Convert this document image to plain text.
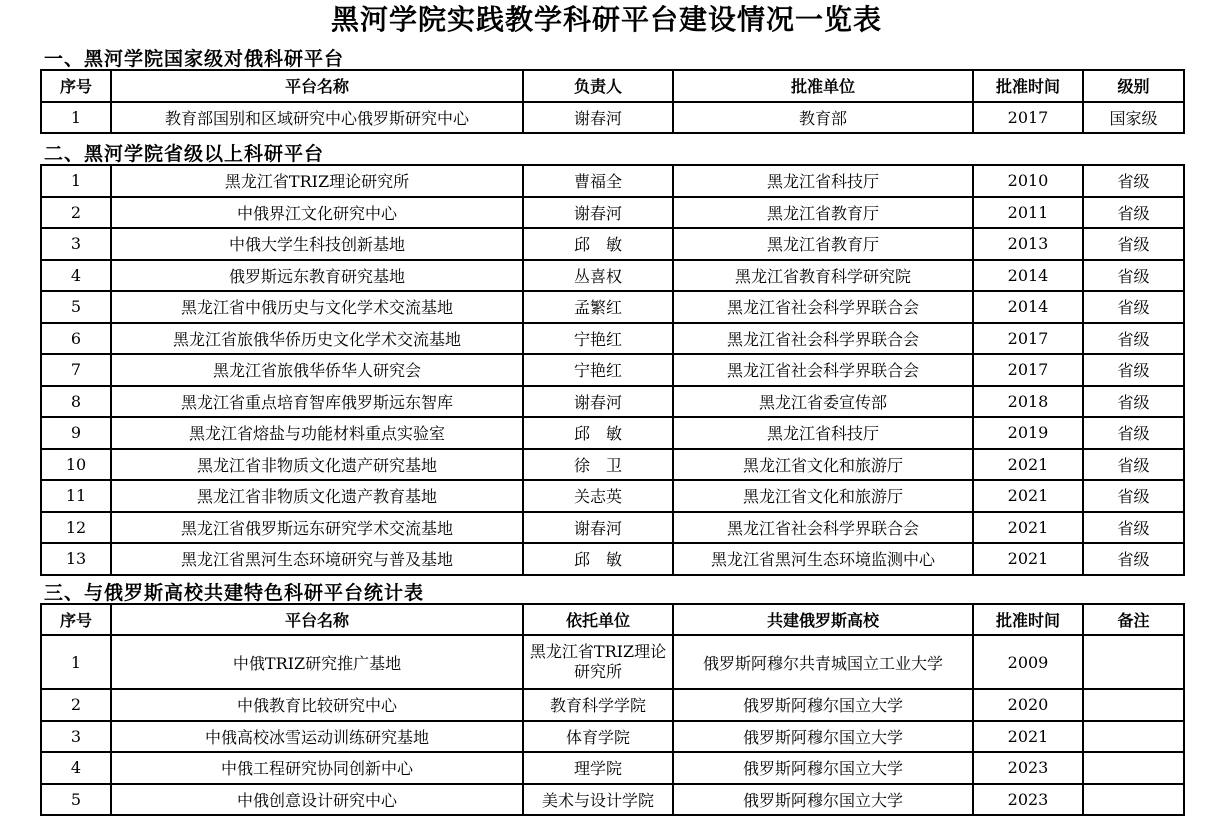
黑河学院实践教学科研平台建设情况一览表
一、黑河学院国家级对俄科研平台
序号	平台名称	负责人	批准单位	批准时间	级别
1	教育部国别和区域研究中心俄罗斯研究中心	谢春河	教育部	2017	国家级
二、黑河学院省级以上科研平台
1	黑龙江省TRIZ理论研究所	曹福全	黑龙江省科技厅	2010	省级
2	中俄界江文化研究中心	谢春河	黑龙江省教育厅	2011	省级
3	中俄大学生科技创新基地	邱　敏	黑龙江省教育厅	2013	省级
4	俄罗斯远东教育研究基地	丛喜权	黑龙江省教育科学研究院	2014	省级
5	黑龙江省中俄历史与文化学术交流基地	孟繁红	黑龙江省社会科学界联合会	2014	省级
6	黑龙江省旅俄华侨历史文化学术交流基地	宁艳红	黑龙江省社会科学界联合会	2017	省级
7	黑龙江省旅俄华侨华人研究会	宁艳红	黑龙江省社会科学界联合会	2017	省级
8	黑龙江省重点培育智库俄罗斯远东智库	谢春河	黑龙江省委宣传部	2018	省级
9	黑龙江省熔盐与功能材料重点实验室	邱　敏	黑龙江省科技厅	2019	省级
10	黑龙江省非物质文化遗产研究基地	徐　卫	黑龙江省文化和旅游厅	2021	省级
11	黑龙江省非物质文化遗产教育基地	关志英	黑龙江省文化和旅游厅	2021	省级
12	黑龙江省俄罗斯远东研究学术交流基地	谢春河	黑龙江省社会科学界联合会	2021	省级
13	黑龙江省黑河生态环境研究与普及基地	邱　敏	黑龙江省黑河生态环境监测中心	2021	省级
三、与俄罗斯高校共建特色科研平台统计表
序号	平台名称	依托单位	共建俄罗斯高校	批准时间	备注
1	中俄TRIZ研究推广基地	黑龙江省TRIZ理论研究所	俄罗斯阿穆尔共青城国立工业大学	2009	
2	中俄教育比较研究中心	教育科学学院	俄罗斯阿穆尔国立大学	2020	
3	中俄高校冰雪运动训练研究基地	体育学院	俄罗斯阿穆尔国立大学	2021	
4	中俄工程研究协同创新中心	理学院	俄罗斯阿穆尔国立大学	2023	
5	中俄创意设计研究中心	美术与设计学院	俄罗斯阿穆尔国立大学	2023	
